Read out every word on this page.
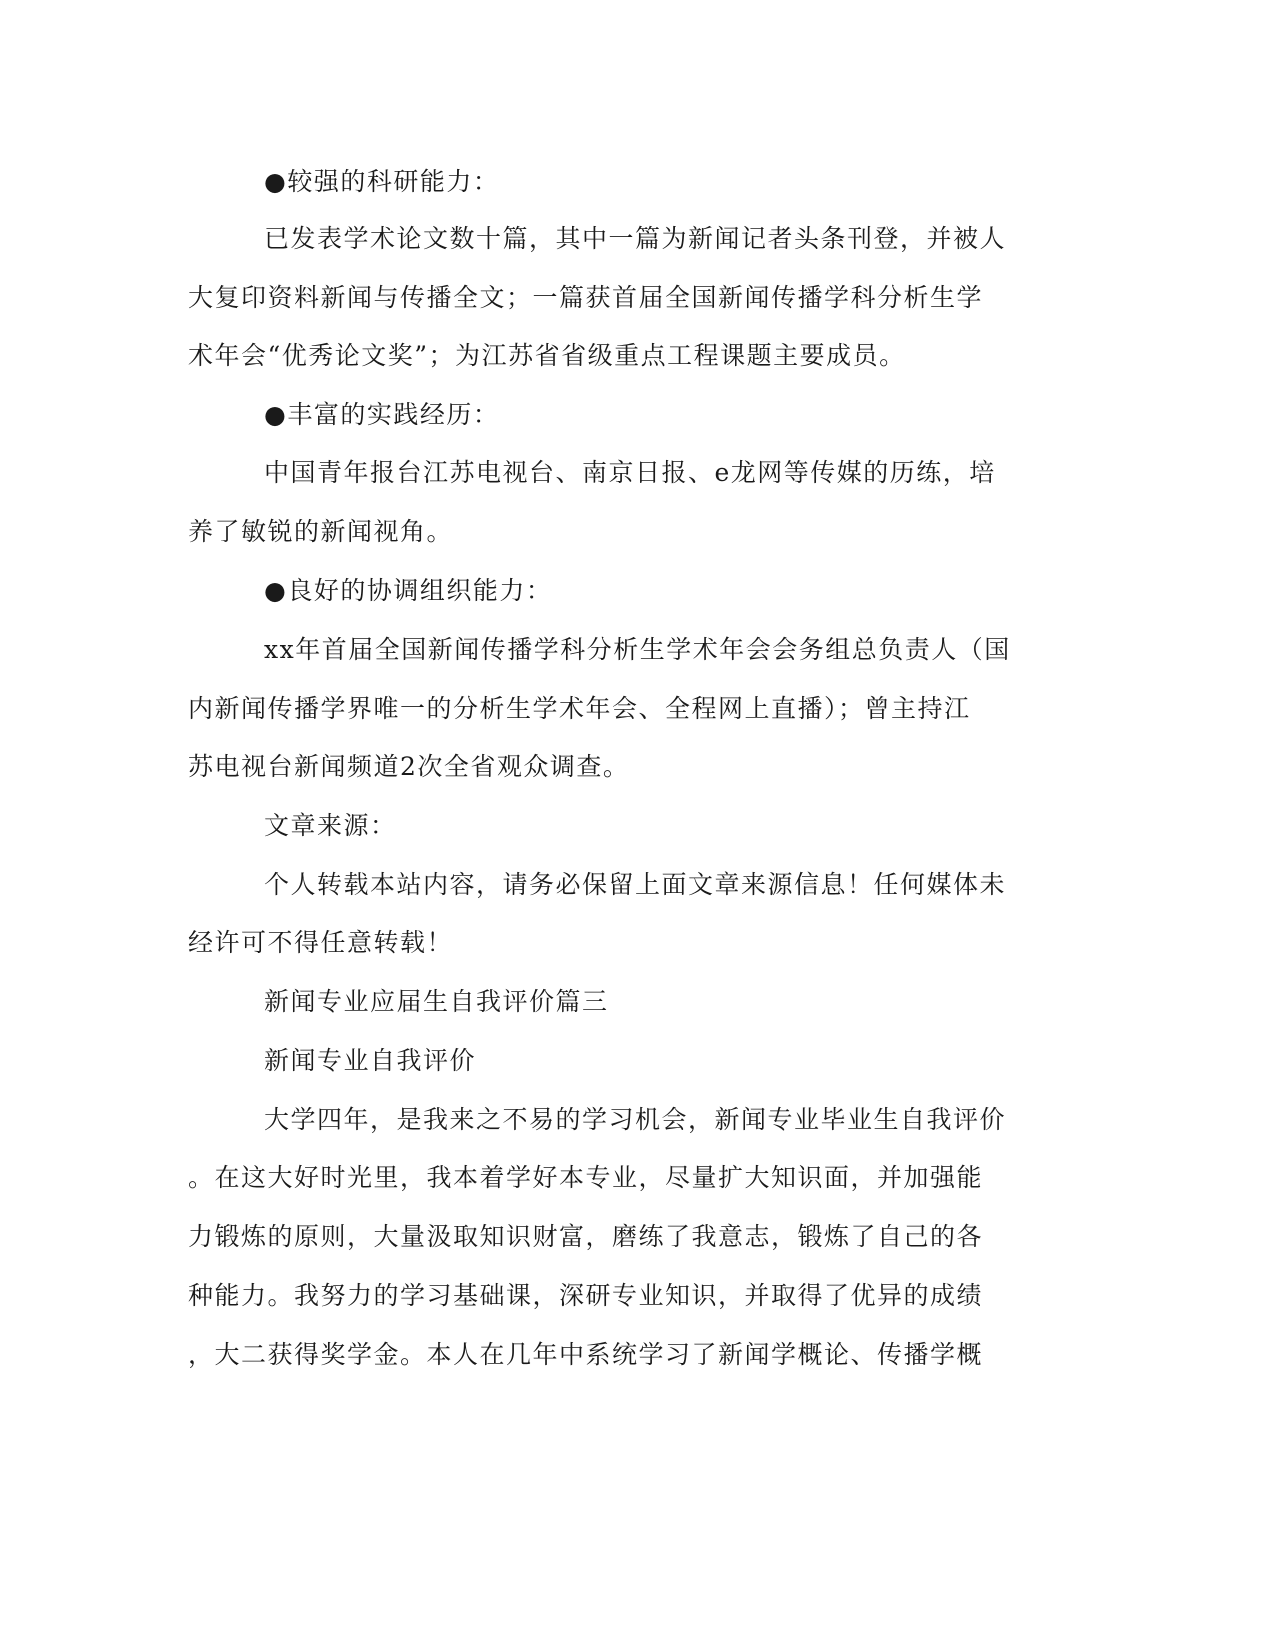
●较强的科研能力：
已发表学术论文数十篇，其中一篇为新闻记者头条刊登，并被人
大复印资料新闻与传播全文；一篇获首届全国新闻传播学科分析生学
术年会“优秀论文奖”；为江苏省省级重点工程课题主要成员。
●丰富的实践经历：
中国青年报台江苏电视台、南京日报、e龙网等传媒的历练，培
养了敏锐的新闻视角。
●良好的协调组织能力：
xx年首届全国新闻传播学科分析生学术年会会务组总负责人（国
内新闻传播学界唯一的分析生学术年会、全程网上直播）；曾主持江
苏电视台新闻频道2次全省观众调查。
文章来源：
个人转载本站内容，请务必保留上面文章来源信息！任何媒体未
经许可不得任意转载！
新闻专业应届生自我评价篇三
新闻专业自我评价
大学四年，是我来之不易的学习机会，新闻专业毕业生自我评价
。在这大好时光里，我本着学好本专业，尽量扩大知识面，并加强能
力锻炼的原则，大量汲取知识财富，磨练了我意志，锻炼了自己的各
种能力。我努力的学习基础课，深研专业知识，并取得了优异的成绩
，大二获得奖学金。本人在几年中系统学习了新闻学概论、传播学概
